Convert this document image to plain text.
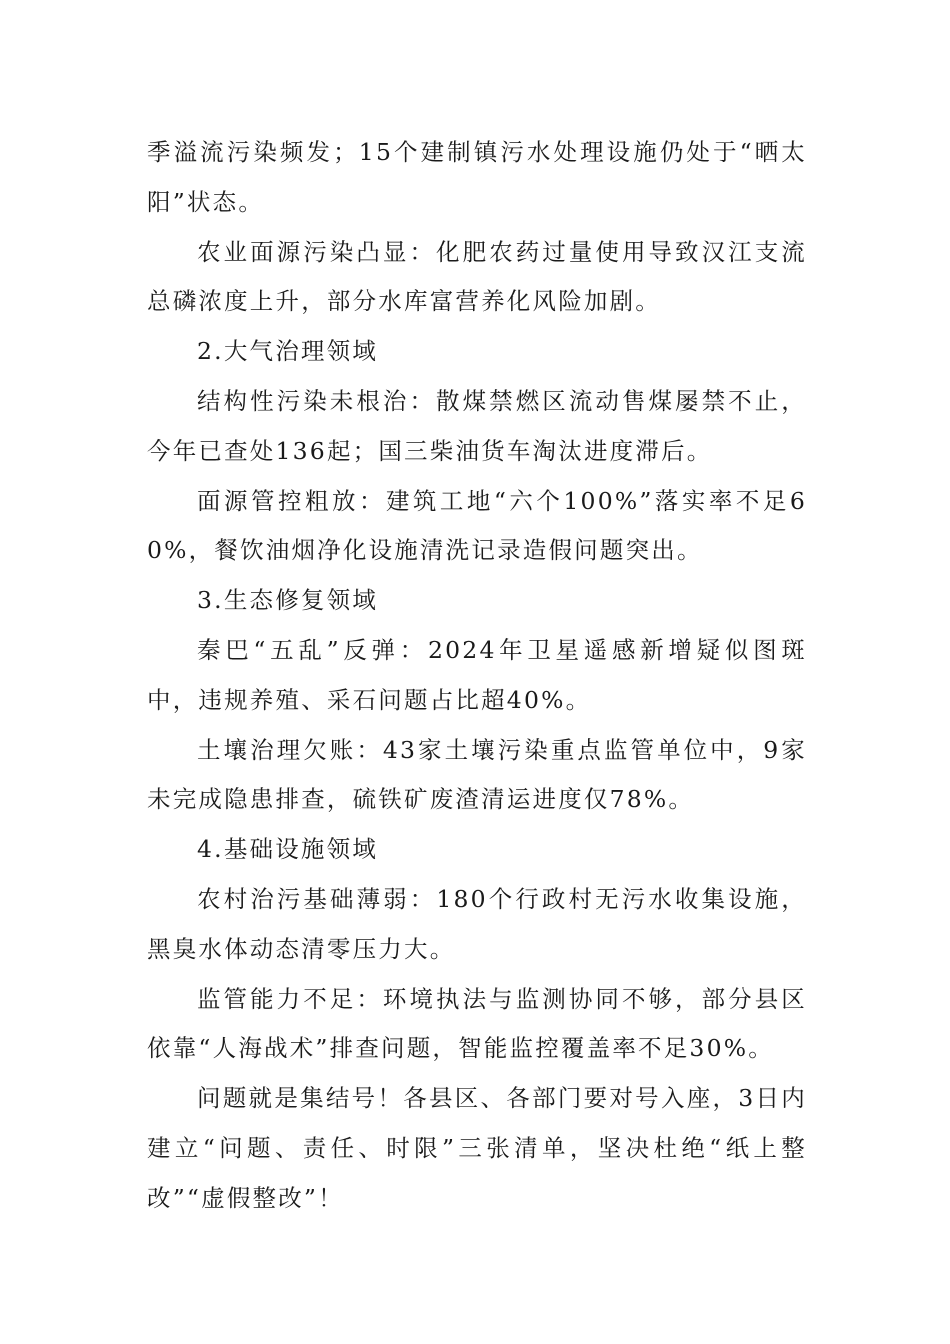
季溢流污染频发；15个建制镇污水处理设施仍处于“晒太阳”状态。

农业面源污染凸显：化肥农药过量使用导致汉江支流总磷浓度上升，部分水库富营养化风险加剧。

2.大气治理领域

结构性污染未根治：散煤禁燃区流动售煤屡禁不止，今年已查处136起；国三柴油货车淘汰进度滞后。

面源管控粗放：建筑工地“六个100%”落实率不足60%，餐饮油烟净化设施清洗记录造假问题突出。

3.生态修复领域

秦巴“五乱”反弹：2024年卫星遥感新增疑似图斑中，违规养殖、采石问题占比超40%。

土壤治理欠账：43家土壤污染重点监管单位中，9家未完成隐患排查，硫铁矿废渣清运进度仅78%。

4.基础设施领域

农村治污基础薄弱：180个行政村无污水收集设施，黑臭水体动态清零压力大。

监管能力不足：环境执法与监测协同不够，部分县区依靠“人海战术”排查问题，智能监控覆盖率不足30%。

问题就是集结号！各县区、各部门要对号入座，3日内建立“问题、责任、时限”三张清单，坚决杜绝“纸上整改”“虚假整改”！
